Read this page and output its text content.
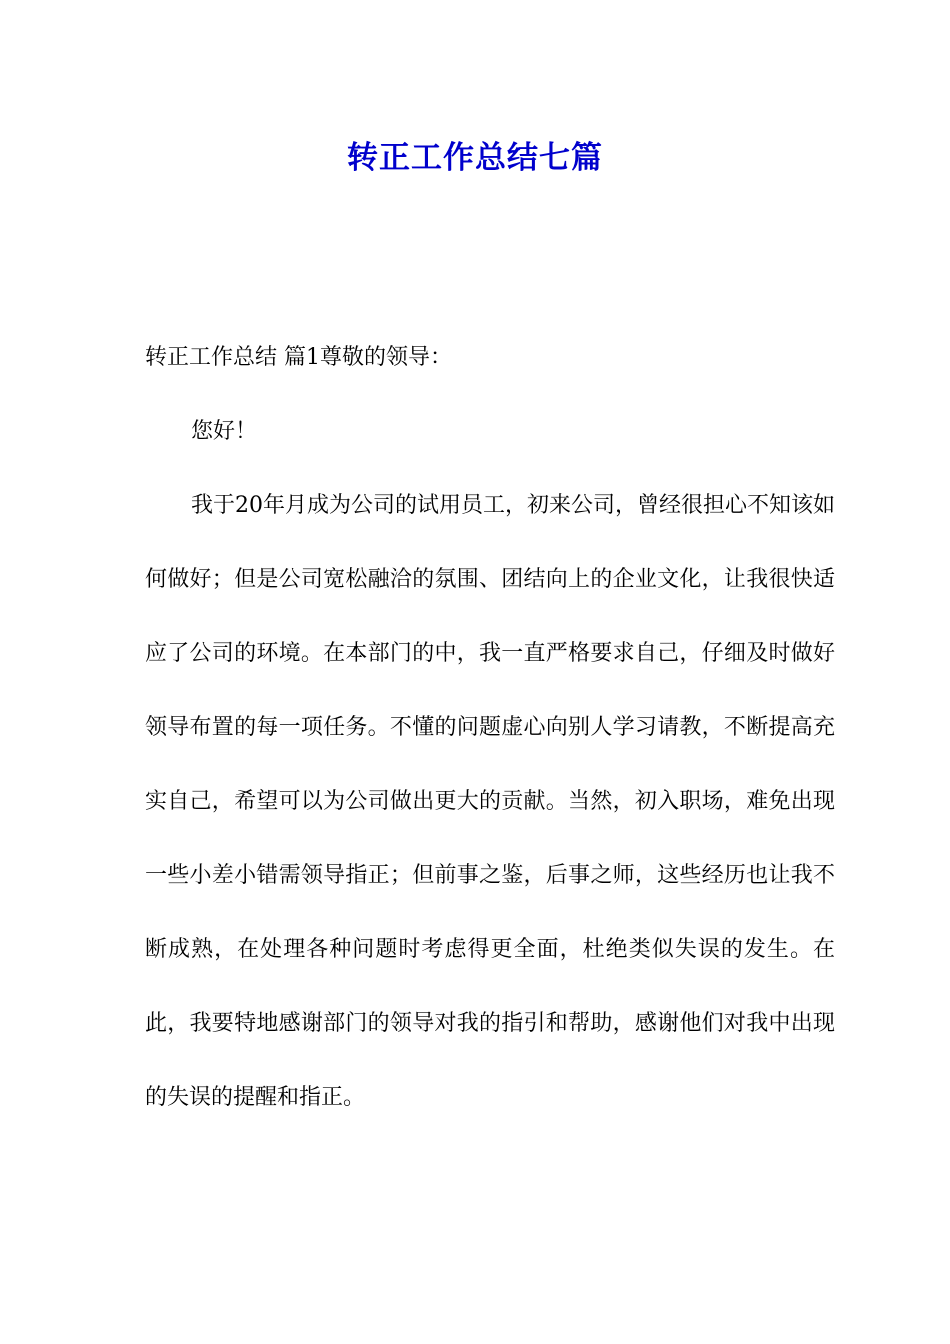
转正工作总结七篇

转正工作总结 篇1尊敬的领导：

您好！

我于20年月成为公司的试用员工，初来公司，曾经很担心不知该如何做好；但是公司宽松融洽的氛围、团结向上的企业文化，让我很快适应了公司的环境。在本部门的中，我一直严格要求自己，仔细及时做好领导布置的每一项任务。不懂的问题虚心向别人学习请教，不断提高充实自己，希望可以为公司做出更大的贡献。当然，初入职场，难免出现一些小差小错需领导指正；但前事之鉴，后事之师，这些经历也让我不断成熟，在处理各种问题时考虑得更全面，杜绝类似失误的发生。在此，我要特地感谢部门的领导对我的指引和帮助，感谢他们对我中出现的失误的提醒和指正。
